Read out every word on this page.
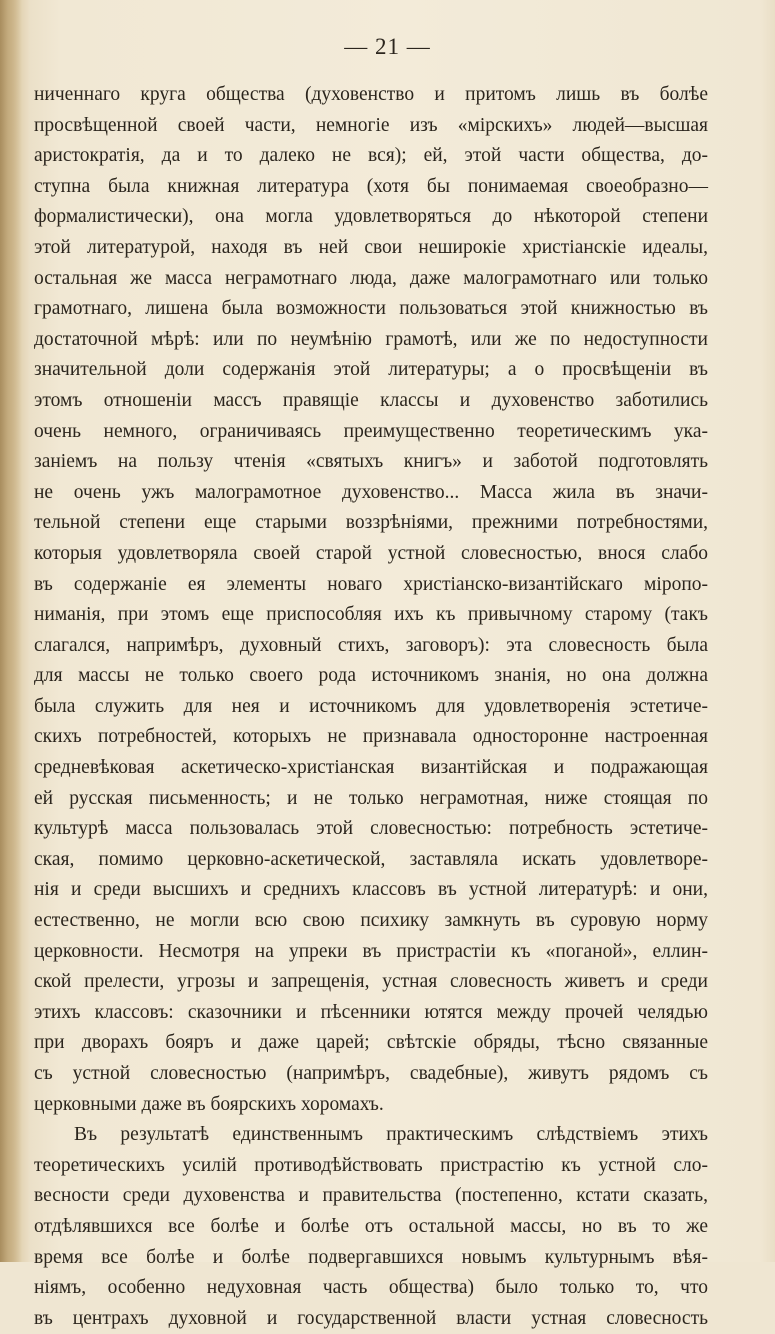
— 21 —
ниченнаго круга общества (духовенство и притомъ лишь въ болѣе
просвѣщенной своей части, немногіе изъ «мірскихъ» людей—высшая
аристократія, да и то далеко не вся); ей, этой части общества, до-
ступна была книжная литература (хотя бы понимаемая своеобразно—
формалистически), она могла удовлетворяться до нѣкоторой степени
этой литературой, находя въ ней свои неширокіе христіанскіе идеалы,
остальная же масса неграмотнаго люда, даже малограмотнаго или только
грамотнаго, лишена была возможности пользоваться этой книжностью въ
достаточной мѣрѣ: или по неумѣнію грамотѣ, или же по недоступности
значительной доли содержанія этой литературы; а о просвѣщеніи въ
этомъ отношеніи массъ правящіе классы и духовенство заботились
очень немного, ограничиваясь преимущественно теоретическимъ ука-
заніемъ на пользу чтенія «святыхъ книгъ» и заботой подготовлять
не очень ужъ малограмотное духовенство... Масса жила въ значи-
тельной степени еще старыми воззрѣніями, прежними потребностями,
которыя удовлетворяла своей старой устной словесностью, внося слабо
въ содержаніе ея элементы новаго христіанско-византійскаго міропо-
ниманія, при этомъ еще приспособляя ихъ къ привычному старому (такъ
слагался, напримѣръ, духовный стихъ, заговоръ): эта словесность была
для массы не только своего рода источникомъ знанія, но она должна
была служить для нея и источникомъ для удовлетворенія эстетиче-
скихъ потребностей, которыхъ не признавала односторонне настроенная
средневѣковая аскетическо-христіанская византійская и подражающая
ей русская письменность; и не только неграмотная, ниже стоящая по
культурѣ масса пользовалась этой словесностью: потребность эстетиче-
ская, помимо церковно-аскетической, заставляла искать удовлетворе-
нія и среди высшихъ и среднихъ классовъ въ устной литературѣ: и они,
естественно, не могли всю свою психику замкнуть въ суровую норму
церковности. Несмотря на упреки въ пристрастіи къ «поганой», еллин-
ской прелести, угрозы и запрещенія, устная словесность живетъ и среди
этихъ классовъ: сказочники и пѣсенники ютятся между прочей челядью
при дворахъ бояръ и даже царей; свѣтскіе обряды, тѣсно связанные
съ устной словесностью (напримѣръ, свадебные), живутъ рядомъ съ
церковными даже въ боярскихъ хоромахъ.
Въ результатѣ единственнымъ практическимъ слѣдствіемъ этихъ
теоретическихъ усилій противодѣйствовать пристрастію къ устной сло-
весности среди духовенства и правительства (постепенно, кстати сказать,
отдѣлявшихся все болѣе и болѣе отъ остальной массы, но въ то же
время все болѣе и болѣе подвергавшихся новымъ культурнымъ вѣя-
ніямъ, особенно недуховная часть общества) было только то, что
въ центрахъ духовной и государственной власти устная словесность
